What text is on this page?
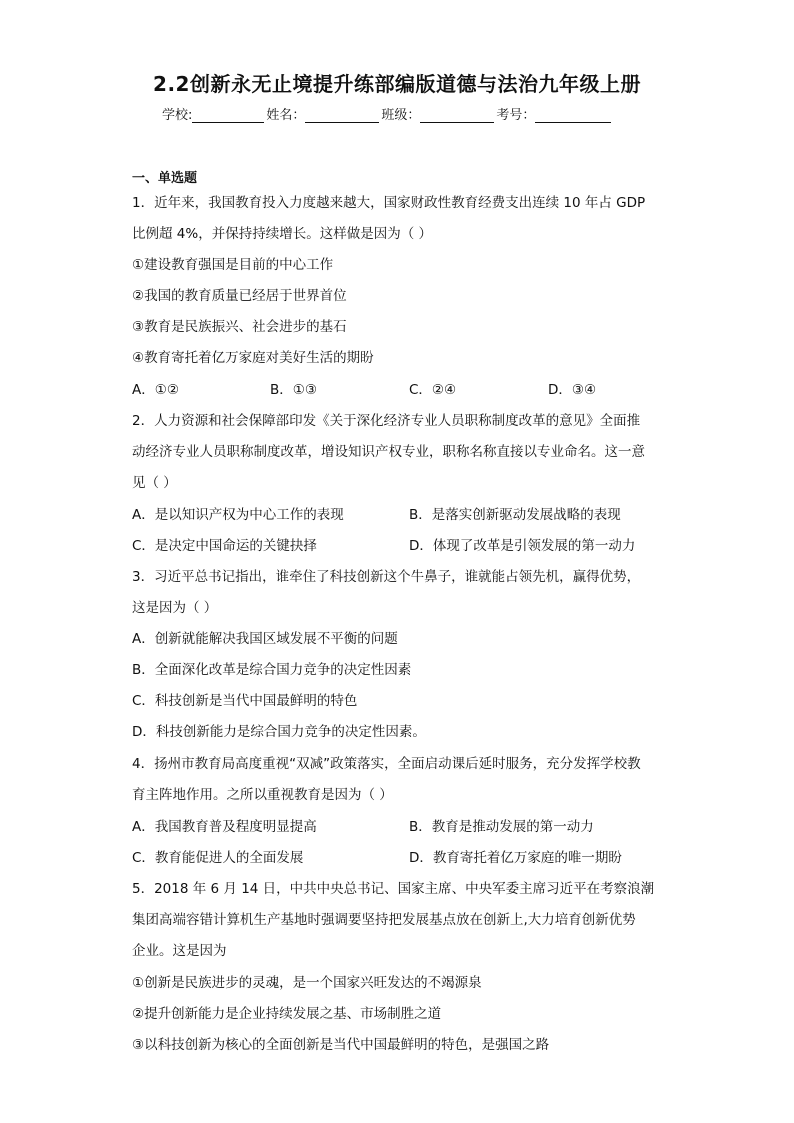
2.2创新永无止境提升练部编版道德与法治九年级上册
学校:	姓名：	班级：	考号：
一、单选题
1．近年来，我国教育投入力度越来越大，国家财政性教育经费支出连续 10 年占 GDP
比例超 4%，并保持持续增长。这样做是因为（ ）
①建设教育强国是目前的中心工作
②我国的教育质量已经居于世界首位
③教育是民族振兴、社会进步的基石
④教育寄托着亿万家庭对美好生活的期盼
A．①②	B．①③	C．②④	D．③④
2．人力资源和社会保障部印发《关于深化经济专业人员职称制度改革的意见》全面推
动经济专业人员职称制度改革，增设知识产权专业，职称名称直接以专业命名。这一意
见（ ）
A．是以知识产权为中心工作的表现	B．是落实创新驱动发展战略的表现
C．是决定中国命运的关键抉择	D．体现了改革是引领发展的第一动力
3．习近平总书记指出，谁牵住了科技创新这个牛鼻子，谁就能占领先机，赢得优势，
这是因为（ ）
A．创新就能解决我国区域发展不平衡的问题
B．全面深化改革是综合国力竞争的决定性因素
C．科技创新是当代中国最鲜明的特色
D．科技创新能力是综合国力竞争的决定性因素。
4．扬州市教育局高度重视“双减”政策落实，全面启动课后延时服务，充分发挥学校教
育主阵地作用。之所以重视教育是因为（ ）
A．我国教育普及程度明显提高	B．教育是推动发展的第一动力
C．教育能促进人的全面发展	D．教育寄托着亿万家庭的唯一期盼
5．2018 年 6 月 14 日，中共中央总书记、国家主席、中央军委主席习近平在考察浪潮
集团高端容错计算机生产基地时强调要坚持把发展基点放在创新上,大力培育创新优势
企业。这是因为
①创新是民族进步的灵魂，是一个国家兴旺发达的不竭源泉
②提升创新能力是企业持续发展之基、市场制胜之道
③以科技创新为核心的全面创新是当代中国最鲜明的特色，是强国之路
